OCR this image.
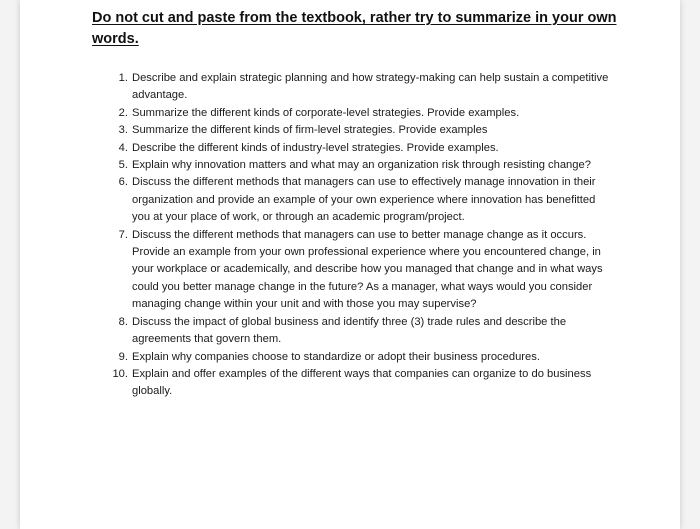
Do not cut and paste from the textbook, rather try to summarize in your own words.

1. Describe and explain strategic planning and how strategy-making can help sustain a competitive advantage.
2. Summarize the different kinds of corporate-level strategies. Provide examples.
3. Summarize the different kinds of firm-level strategies. Provide examples
4. Describe the different kinds of industry-level strategies. Provide examples.
5. Explain why innovation matters and what may an organization risk through resisting change?
6. Discuss the different methods that managers can use to effectively manage innovation in their organization and provide an example of your own experience where innovation has benefitted you at your place of work, or through an academic program/project.
7. Discuss the different methods that managers can use to better manage change as it occurs. Provide an example from your own professional experience where you encountered change, in your workplace or academically, and describe how you managed that change and in what ways could you better manage change in the future? As a manager, what ways would you consider managing change within your unit and with those you may supervise?
8. Discuss the impact of global business and identify three (3) trade rules and describe the agreements that govern them.
9. Explain why companies choose to standardize or adopt their business procedures.
10. Explain and offer examples of the different ways that companies can organize to do business globally.
